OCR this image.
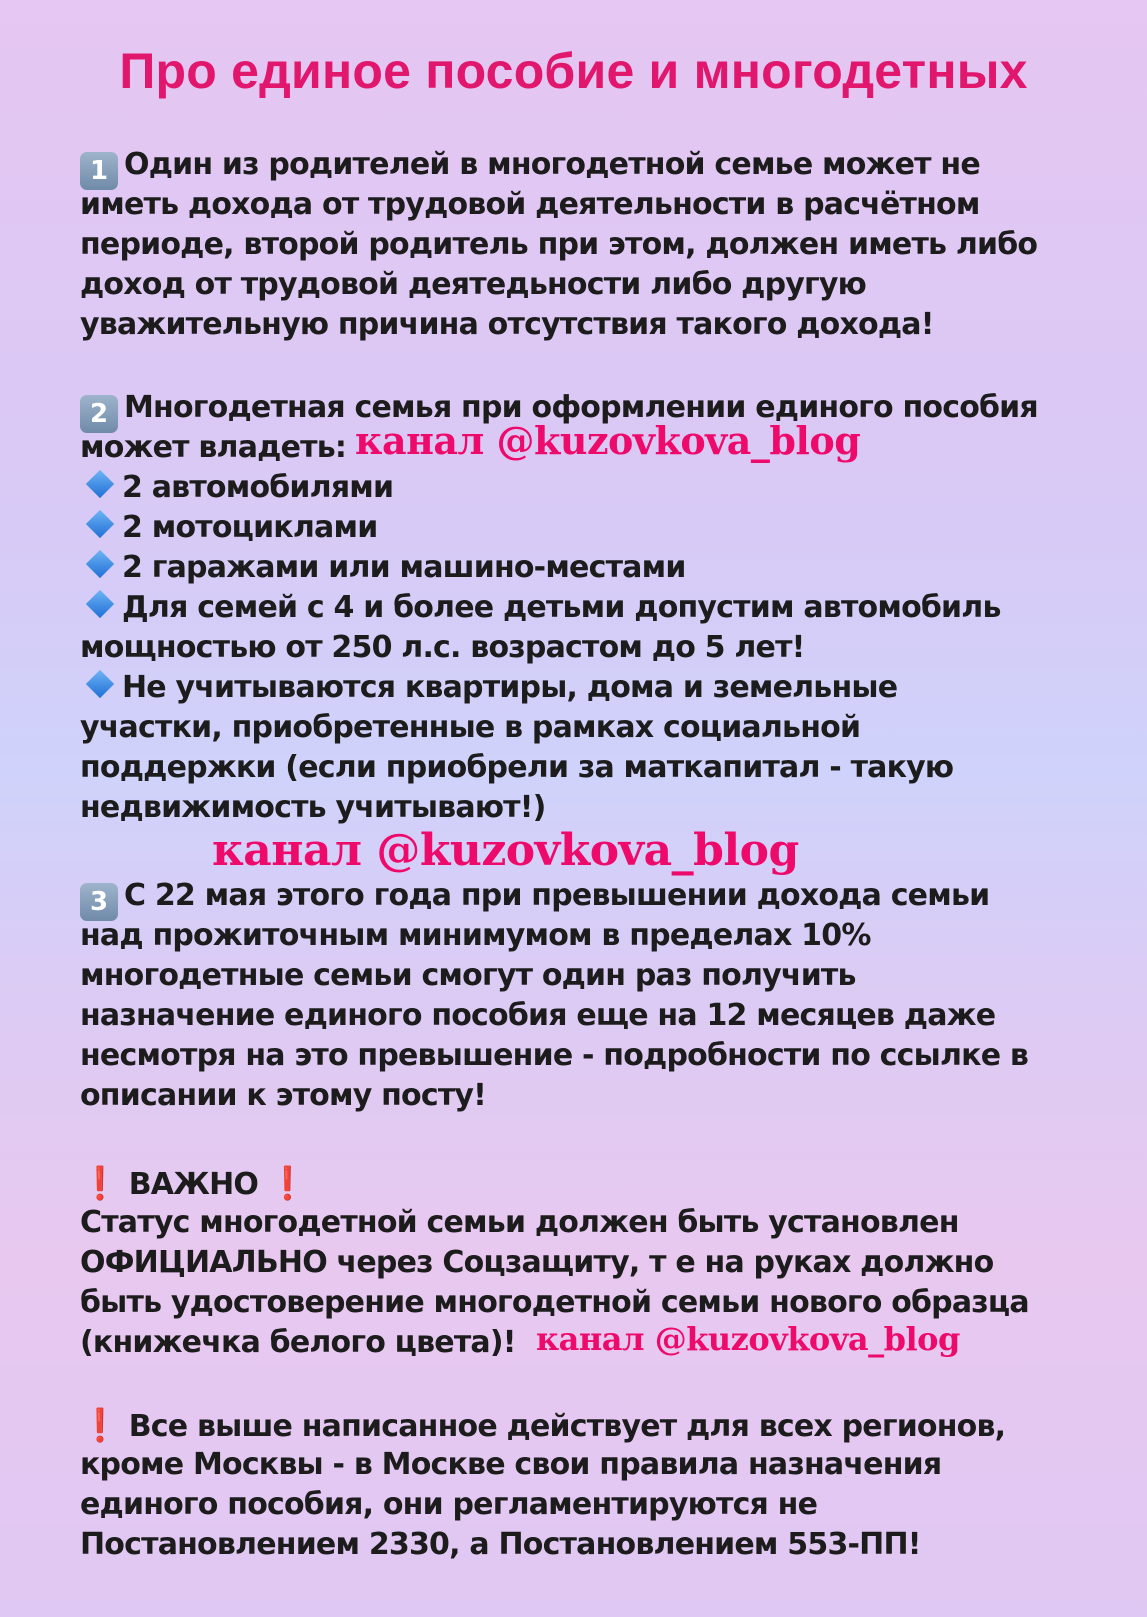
Про единое пособие и многодетных
1 Один из родителей в многодетной семье может не
иметь дохода от трудовой деятельности в расчётном
периоде, второй родитель при этом, должен иметь либо
доход от трудовой деятедьности либо другую
уважительную причина отсутствия такого дохода!
2 Многодетная семья при оформлении единого пособия
может владеть:
2 автомобилями
2 мотоциклами
2 гаражами или машино-местами
Для семей с 4 и более детьми допустим автомобиль
мощностью от 250 л.с. возрастом до 5 лет!
Не учитываются квартиры, дома и земельные
участки, приобретенные в рамках социальной
поддержки (если приобрели за маткапитал - такую
недвижимость учитывают!)
3 С 22 мая этого года при превышении дохода семьи
над прожиточным минимумом в пределах 10%
многодетные семьи смогут один раз получить
назначение единого пособия еще на 12 месяцев даже
несмотря на это превышение - подробности по ссылке в
описании к этому посту!
❗ ВАЖНО ❗
Статус многодетной семьи должен быть установлен
ОФИЦИАЛЬНО через Соцзащиту, т е на руках должно
быть удостоверение многодетной семьи нового образца
(книжечка белого цвета)!
❗ Все выше написанное действует для всех регионов,
кроме Москвы - в Москве свои правила назначения
единого пособия, они регламентируются не
Постановлением 2330, а Постановлением 553-ПП!
канал @kuzovkova_blog
канал @kuzovkova_blog
канал @kuzovkova_blog
